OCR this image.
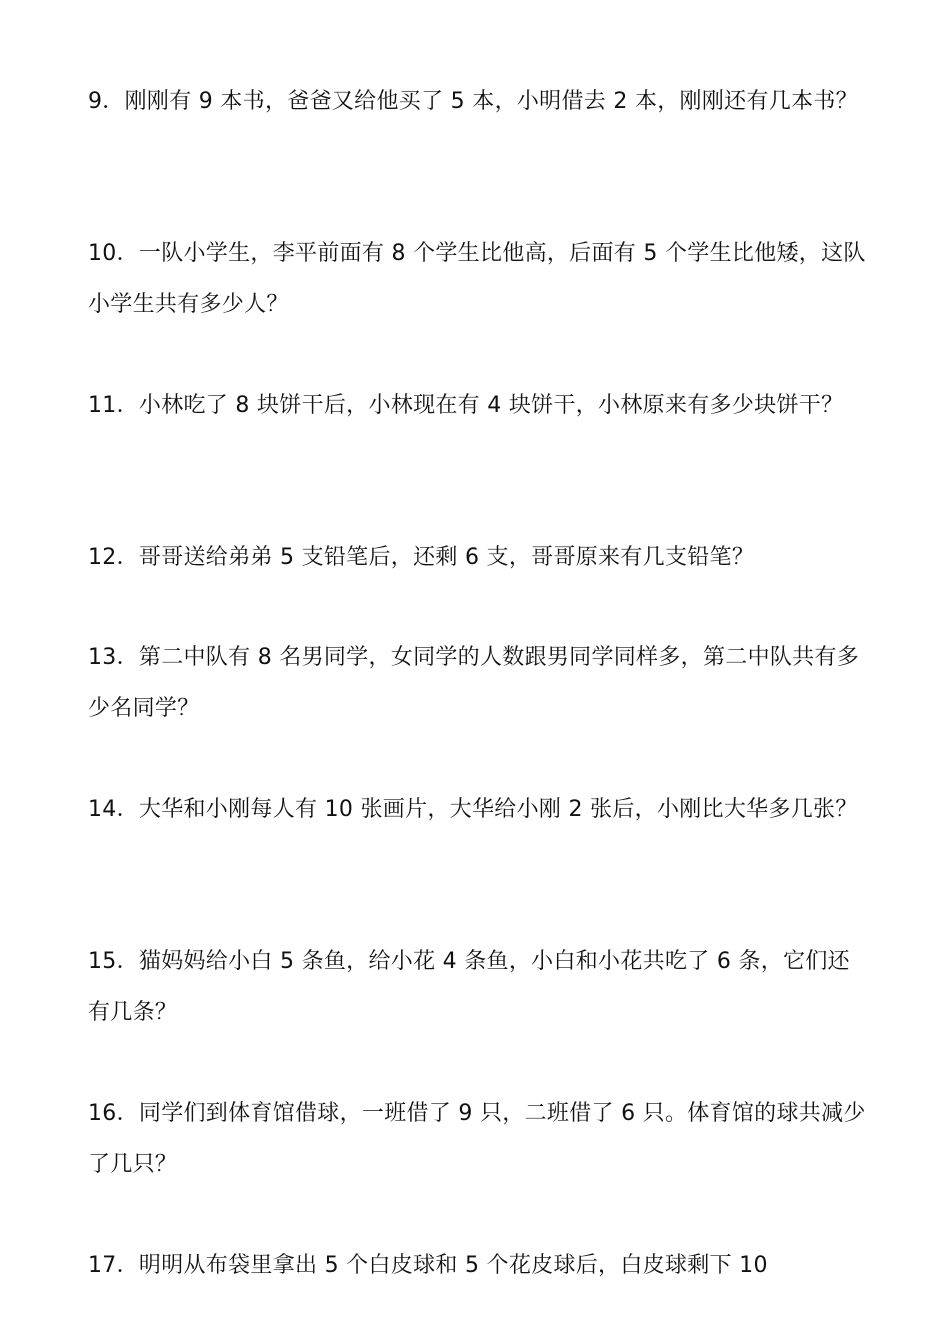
9．刚刚有 9 本书，爸爸又给他买了 5 本，小明借去 2 本，刚刚还有几本书？

10．一队小学生，李平前面有 8 个学生比他高，后面有 5 个学生比他矮，这队小学生共有多少人？

11．小林吃了 8 块饼干后，小林现在有 4 块饼干，小林原来有多少块饼干？

12．哥哥送给弟弟 5 支铅笔后，还剩 6 支，哥哥原来有几支铅笔？

13．第二中队有 8 名男同学，女同学的人数跟男同学同样多，第二中队共有多少名同学？

14．大华和小刚每人有 10 张画片，大华给小刚 2 张后，小刚比大华多几张？

15．猫妈妈给小白 5 条鱼，给小花 4 条鱼，小白和小花共吃了 6 条，它们还有几条？

16．同学们到体育馆借球，一班借了 9 只，二班借了 6 只。体育馆的球共减少了几只？

17．明明从布袋里拿出 5 个白皮球和 5 个花皮球后，白皮球剩下 10
